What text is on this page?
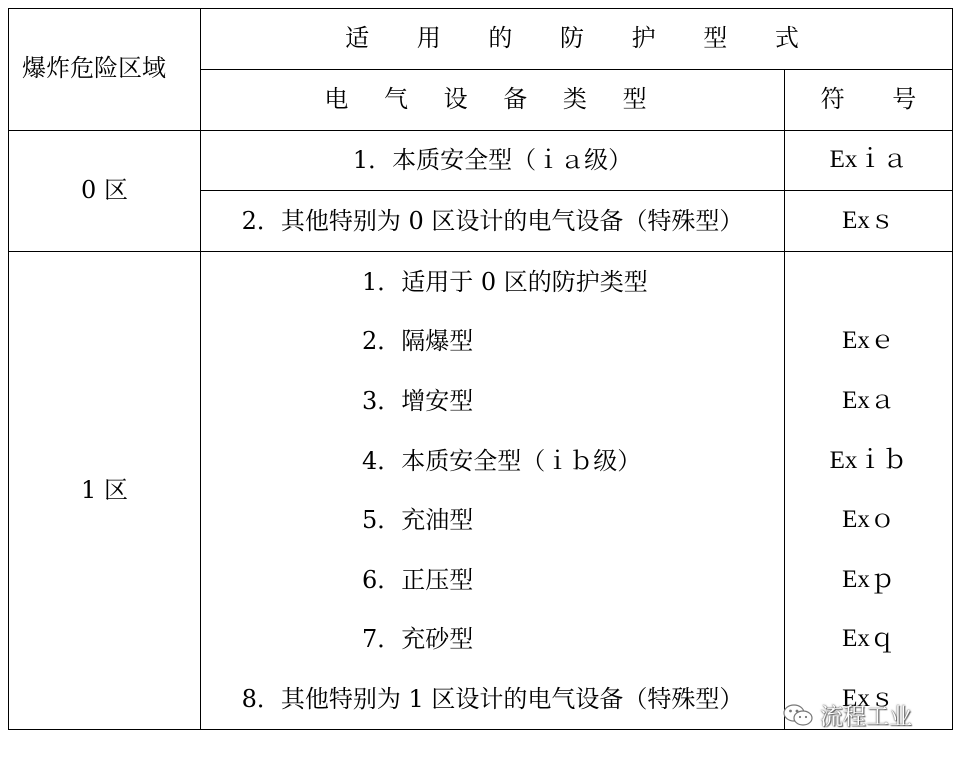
爆炸危险区域
适 用 的 防 护 型 式
电 气 设 备 类 型	符 号
0 区
1．本质安全型（ｉａ级）	Exｉａ
2．其他特别为 0 区设计的电气设备（特殊型）	Exｓ
1 区
1．适用于 0 区的防护类型
2．隔爆型	Exｅ
3．增安型	Exａ
4．本质安全型（ｉｂ级）	Exｉｂ
5．充油型	Exｏ
6．正压型	Exｐ
7．充砂型	Exｑ
8．其他特别为 1 区设计的电气设备（特殊型）	Exｓ
流程工业
